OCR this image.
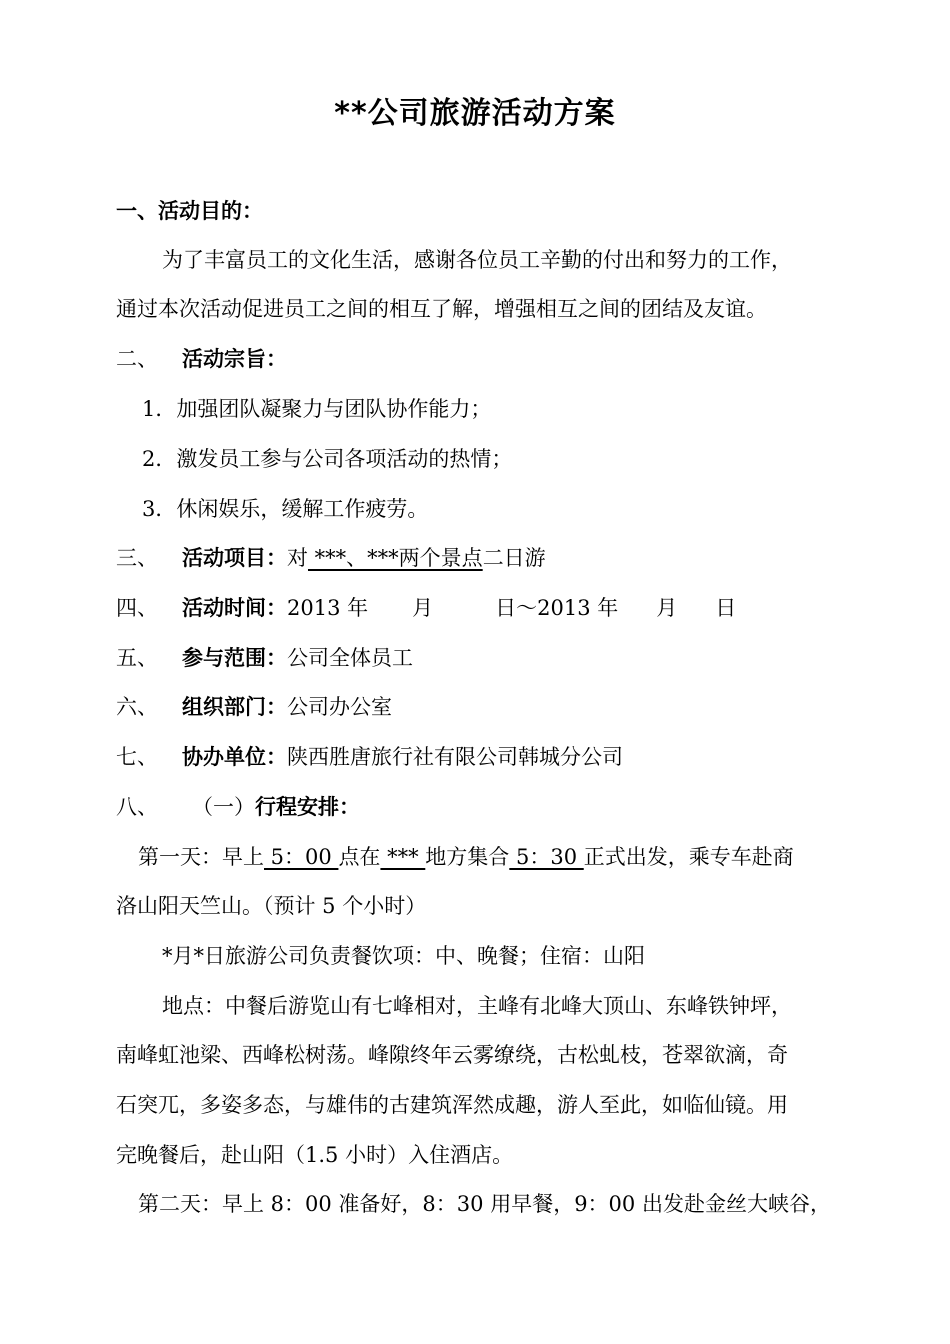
**公司旅游活动方案
一、活动目的：
为了丰富员工的文化生活，感谢各位员工辛勤的付出和努力的工作，
通过本次活动促进员工之间的相互了解，增强相互之间的团结及友谊。
二、 活动宗旨：
1．加强团队凝聚力与团队协作能力；
2．激发员工参与公司各项活动的热情；
3．休闲娱乐，缓解工作疲劳。
三、 活动项目：对 ***、***两个景点二日游
四、 活动时间：2013 年 月	日～2013 年 月 日
五、 参与范围：公司全体员工
六、 组织部门：公司办公室
七、 协办单位：陕西胜唐旅行社有限公司韩城分公司
八、 （一）行程安排：
第一天：早上 5：00 点在 *** 地方集合 5：30 正式出发，乘专车赴商
洛山阳天竺山。（预计 5 个小时）
*月*日旅游公司负责餐饮项：中、晚餐；住宿：山阳
地点：中餐后游览山有七峰相对，主峰有北峰大顶山、东峰铁钟坪，
南峰虹池梁、西峰松树荡。峰隙终年云雾缭绕，古松虬枝，苍翠欲滴，奇
石突兀，多姿多态，与雄伟的古建筑浑然成趣，游人至此，如临仙镜。用
完晚餐后，赴山阳（1.5 小时）入住酒店。
第二天：早上 8：00 准备好，8：30 用早餐，9：00 出发赴金丝大峡谷，
